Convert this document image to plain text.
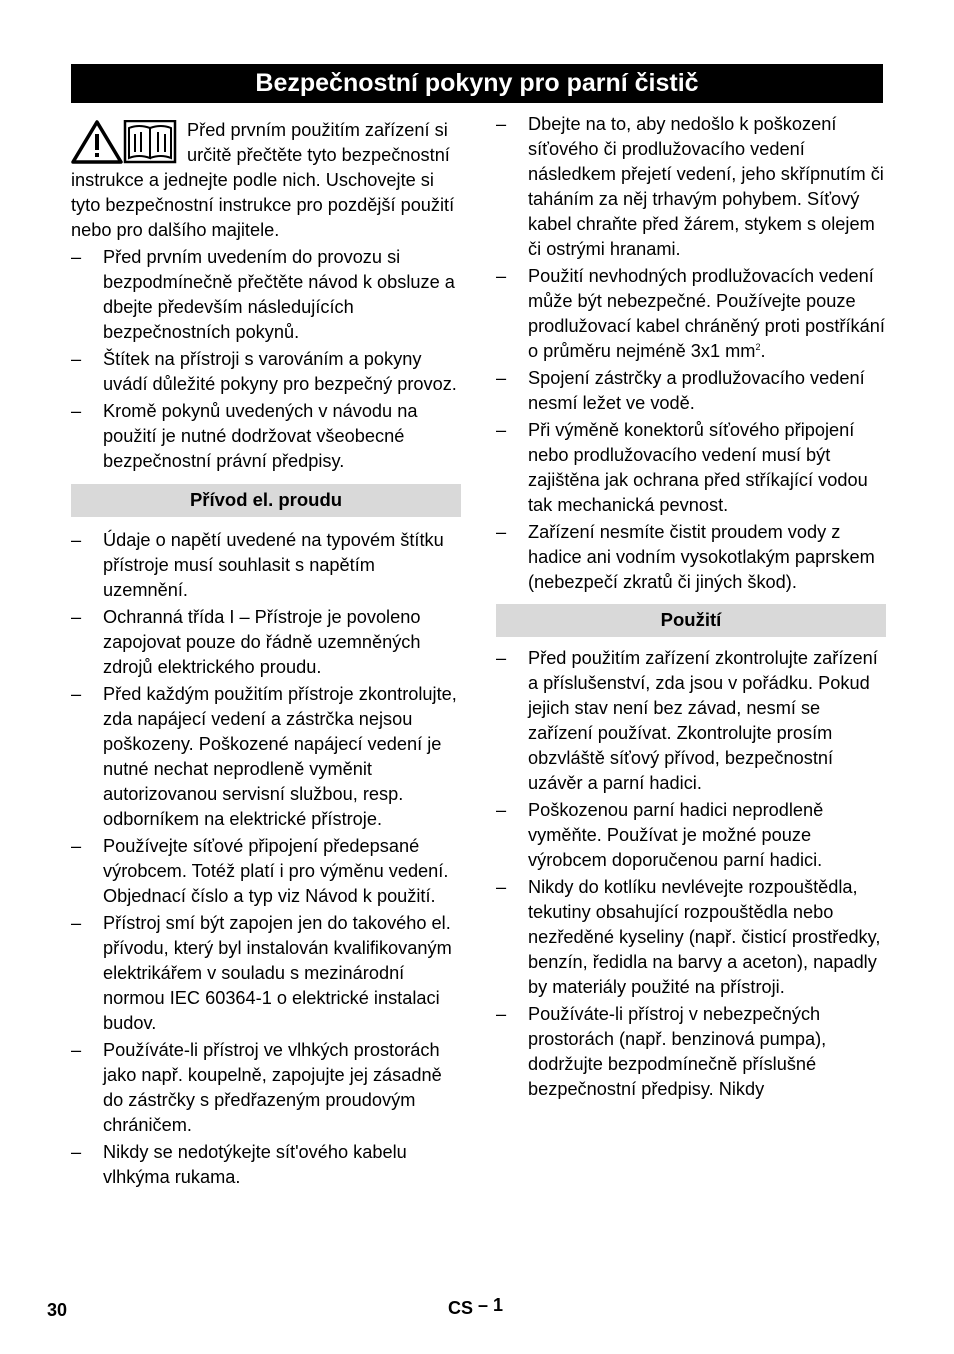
Bezpečnostní pokyny pro parní čistič

Před prvním použitím zařízení si určitě přečtěte tyto bezpečnostní instrukce a jednejte podle nich. Uschovejte si tyto bezpečnostní instrukce pro pozdější použití nebo pro dalšího majitele.

–	Před prvním uvedením do provozu si bezpodmínečně přečtěte návod k obsluze a dbejte především následujících bezpečnostních pokynů.
–	Štítek na přístroji s varováním a pokyny uvádí důležité pokyny pro bezpečný provoz.
–	Kromě pokynů uvedených v návodu na použití je nutné dodržovat všeobecné bezpečnostní právní předpisy.
Přívod el. proudu
–	Údaje o napětí uvedené na typovém štítku přístroje musí souhlasit s napětím uzemnění.
–	Ochranná třída I – Přístroje je povoleno zapojovat pouze do řádně uzemněných zdrojů elektrického proudu.
–	Před každým použitím přístroje zkontrolujte, zda napájecí vedení a zástrčka nejsou poškozeny. Poškozené napájecí vedení je nutné nechat neprodleně vyměnit autorizovanou servisní službou, resp. odborníkem na elektrické přístroje.
–	Používejte síťové připojení předepsané výrobcem. Totéž platí i pro výměnu vedení. Objednací číslo a typ viz Návod k použití.
–	Přístroj smí být zapojen jen do takového el. přívodu, který byl instalován kvalifikovaným elektrikářem v souladu s mezinárodní normou IEC 60364-1 o elektrické instalaci budov.
–	Používáte-li přístroj ve vlhkých prostorách jako např. koupelně, zapojujte jej zásadně do zástrčky s předřazeným proudovým chráničem.
–	Nikdy se nedotýkejte sít'ového kabelu vlhkýma rukama.
–	Dbejte na to, aby nedošlo k poškození síťového či prodlužovacího vedení následkem přejetí vedení, jeho skřípnutím či taháním za něj trhavým pohybem. Síťový kabel chraňte před žárem, stykem s olejem či ostrými hranami.
–	Použití nevhodných prodlužovacích vedení může být nebezpečné. Používejte pouze prodlužovací kabel chráněný proti postříkání o průměru nejméně 3x1 $mm^2$.
–	Spojení zástrčky a prodlužovacího vedení nesmí ležet ve vodě.
–	Při výměně konektorů síťového připojení nebo prodlužovacího vedení musí být zajištěna jak ochrana před stříkající vodou tak mechanická pevnost.
–	Zařízení nesmíte čistit proudem vody z hadice ani vodním vysokotlakým paprskem (nebezpečí zkratů či jiných škod).
Použití
–	Před použitím zařízení zkontrolujte zařízení a příslušenství, zda jsou v pořádku. Pokud jejich stav není bez závad, nesmí se zařízení používat. Zkontrolujte prosím obzvláště síťový přívod, bezpečnostní uzávěr a parní hadici.
–	Poškozenou parní hadici neprodleně vyměňte. Používat je možné pouze výrobcem doporučenou parní hadici.
–	Nikdy do kotlíku nevlévejte rozpouštědla, tekutiny obsahující rozpouštědla nebo nezředěné kyseliny (např. čisticí prostředky, benzín, ředidla na barvy a aceton), napadly by materiály použité na přístroji.
–	Používáte-li přístroj v nebezpečných prostorách (např. benzinová pumpa), dodržujte bezpodmínečně příslušné bezpečnostní předpisy. Nikdy
30	CS – 1
